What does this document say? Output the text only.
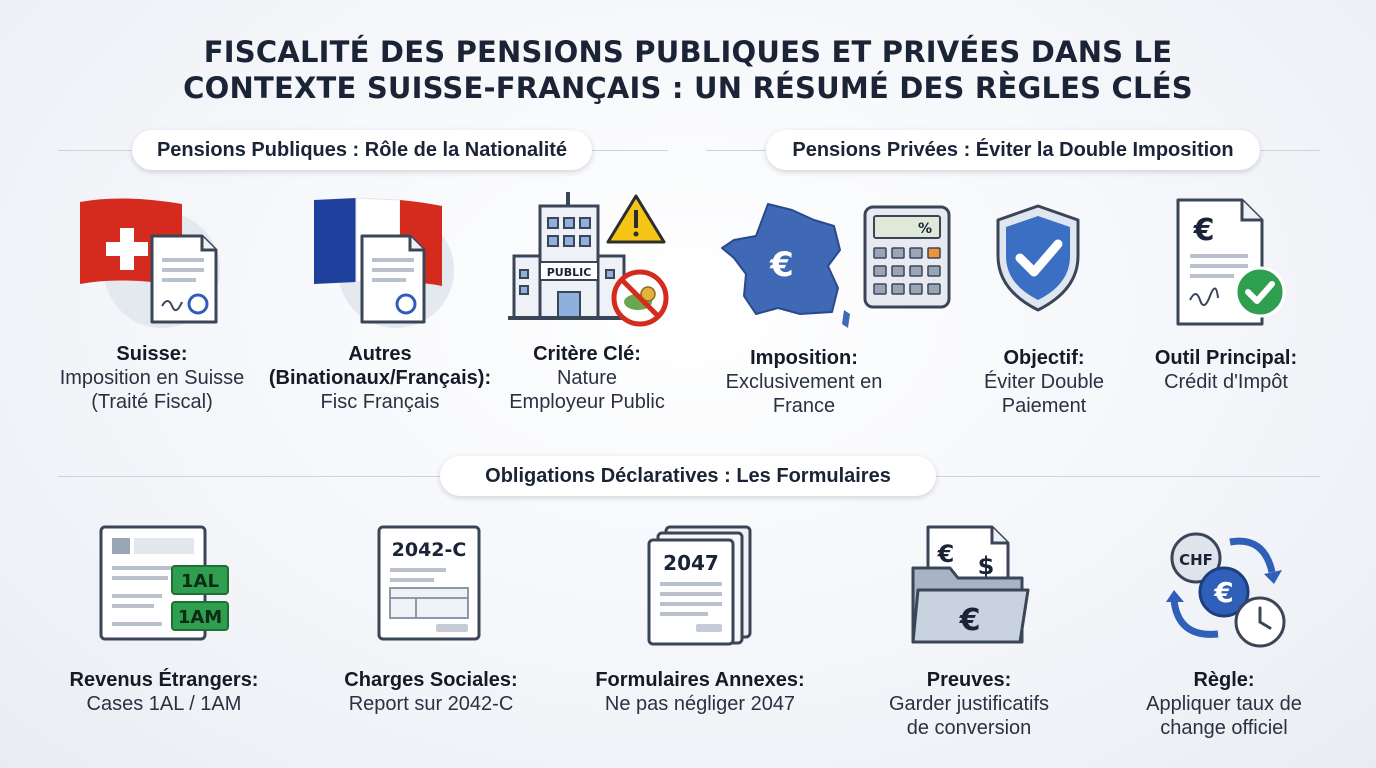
FISCALITÉ DES PENSIONS PUBLIQUES ET PRIVÉES DANS LE
CONTEXTE SUISSE-FRANÇAIS : UN RÉSUMÉ DES RÈGLES CLÉS
Pensions Publiques : Rôle de la Nationalité	Pensions Privées : Éviter la Double Imposition
Obligations Déclaratives : Les Formulaires
PUBLIC	€
%	€
1AL
1AM
2042-C
2047	€ $
€
CHF
€
Suisse:
Imposition en Suisse
(Traité Fiscal)
Autres
(Binationaux/Français):
Fisc Français
Critère Clé:
Nature
Employeur Public
Imposition:
Exclusivement en
France
Objectif:
Éviter Double
Paiement
Outil Principal:
Crédit d'Impôt
Revenus Étrangers:
Cases 1AL / 1AM
Charges Sociales:
Report sur 2042-C
Formulaires Annexes:
Ne pas négliger 2047
Preuves:
Garder justificatifs
de conversion
Règle:
Appliquer taux de
change officiel
